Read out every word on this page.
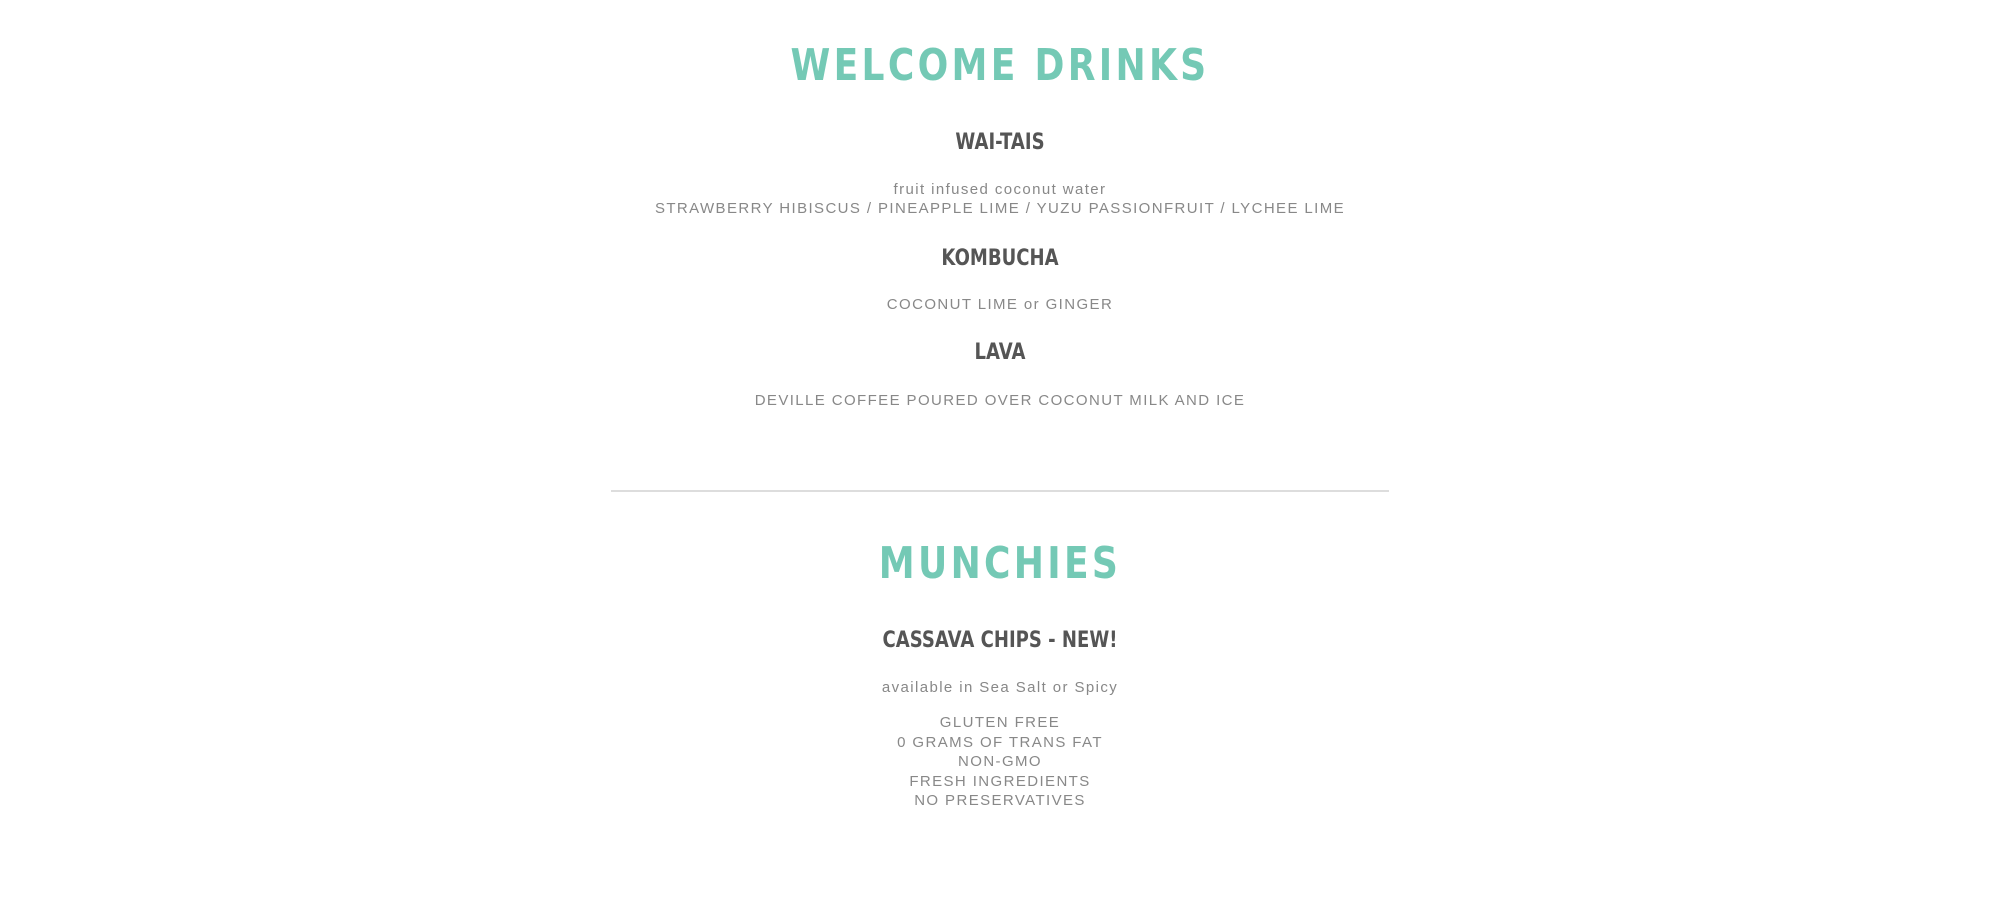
WELCOME DRINKS
WAI-TAIS

fruit infused coconut water

STRAWBERRY HIBISCUS / PINEAPPLE LIME / YUZU PASSIONFRUIT / LYCHEE LIME

KOMBUCHA

COCONUT LIME or GINGER

LAVA

DEVILLE COFFEE POURED OVER COCONUT MILK AND ICE

MUNCHIES
CASSAVA CHIPS - NEW!

available in Sea Salt or Spicy

GLUTEN FREE
0 GRAMS OF TRANS FAT
NON-GMO
FRESH INGREDIENTS
NO PRESERVATIVES
